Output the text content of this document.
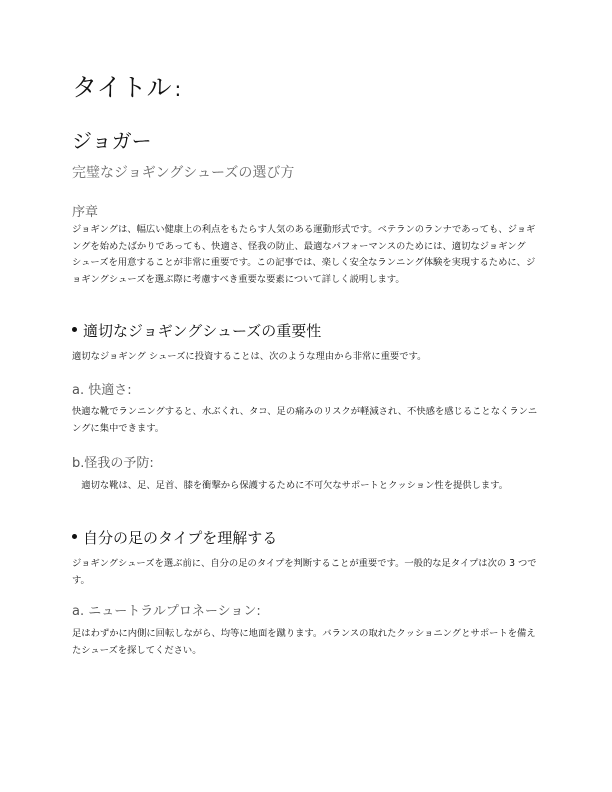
タイトル :
ジョガー

完璧なジョギングシューズの選び方

序章

ジョギングは、幅広い健康上の利点をもたらす人気のある運動形式です。ベテランのランナであっても、ジョギングを始めたばかりであっても、快適さ、怪我の防止、最適なパフォーマンスのためには、適切なジョギング　シューズを用意することが非常に重要です。この記事では、楽しく安全なランニング体験を実現するために、ジョギングシューズを選ぶ際に考慮すべき重要な要素について詳しく説明します。

適切なジョギングシューズの重要性

適切なジョギング シューズに投資することは、次のような理由から非常に重要です。

a. 快適さ:

快適な靴でランニングすると、水ぶくれ、タコ、足の痛みのリスクが軽減され、不快感を感じることなくランニングに集中できます。

b.怪我の予防:

　適切な靴は、足、足首、膝を衝撃から保護するために不可欠なサポートとクッション性を提供します。

自分の足のタイプを理解する

ジョギングシューズを選ぶ前に、自分の足のタイプを判断することが重要です。一般的な足タイプは次の 3 つです。

a. ニュートラルプロネーション:

足はわずかに内側に回転しながら、均等に地面を蹴ります。バランスの取れたクッショニングとサポートを備えたシューズを探してください。
